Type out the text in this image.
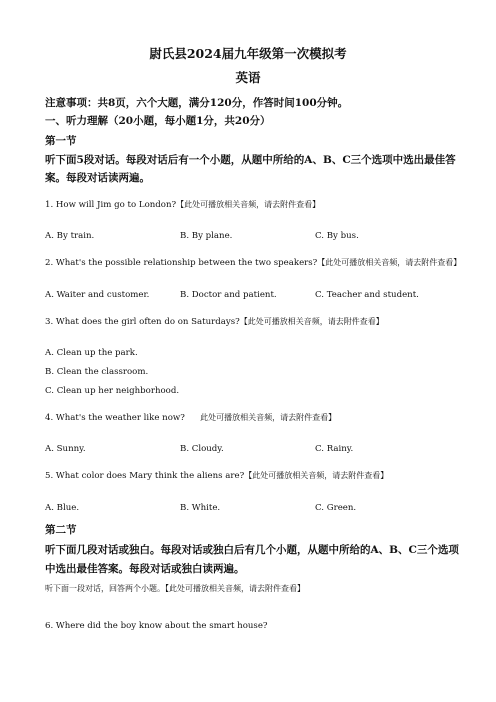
尉氏县2024届九年级第一次模拟考
英语
注意事项：共8页，六个大题，满分120分，作答时间100分钟。
一、听力理解（20小题，每小题1分，共20分）
第一节
听下面5段对话。每段对话后有一个小题，从题中所给的A、B、C三个选项中选出最佳答
案。每段对话读两遍。
1. How will Jim go to London?【此处可播放相关音频，请去附件查看】
A. By train.	B. By plane.	C. By bus.
2. What's the possible relationship between the two speakers?【此处可播放相关音频，请去附件查看】
A. Waiter and customer.	B. Doctor and patient.	C. Teacher and student.
3. What does the girl often do on Saturdays?【此处可播放相关音频，请去附件查看】
A. Clean up the park.
B. Clean the classroom.
C. Clean up her neighborhood.
4. What's the weather like now? 此处可播放相关音频，请去附件查看】
A. Sunny.	B. Cloudy.	C. Rainy.
5. What color does Mary think the aliens are?【此处可播放相关音频，请去附件查看】
A. Blue.	B. White.	C. Green.
第二节
听下面几段对话或独白。每段对话或独白后有几个小题，从题中所给的A、B、C三个选项
中选出最佳答案。每段对话或独白读两遍。
听下面一段对话，回答两个小题。【此处可播放相关音频，请去附件查看】
6. Where did the boy know about the smart house?
